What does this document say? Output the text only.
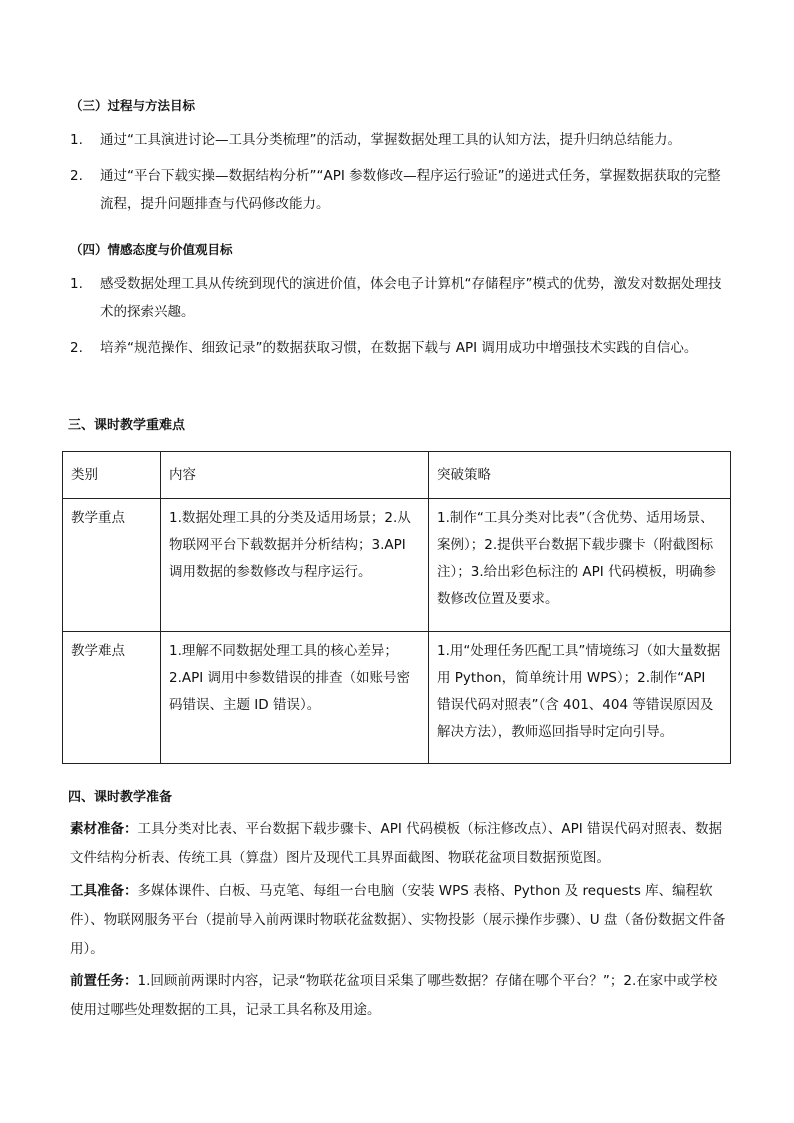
（三）过程与方法目标
1.	通过“工具演进讨论—工具分类梳理”的活动，掌握数据处理工具的认知方法，提升归纳总结能力。
2.	通过“平台下载实操—数据结构分析”“API 参数修改—程序运行验证”的递进式任务，掌握数据获取的完整流程，提升问题排查与代码修改能力。
（四）情感态度与价值观目标
1.	感受数据处理工具从传统到现代的演进价值，体会电子计算机“存储程序”模式的优势，激发对数据处理技术的探索兴趣。
2.	培养“规范操作、细致记录”的数据获取习惯，在数据下载与 API 调用成功中增强技术实践的自信心。
三、课时教学重难点
类别	内容	突破策略

教学重点	1.数据处理工具的分类及适用场景；2.从物联网平台下载数据并分析结构；3.API 调用数据的参数修改与程序运行。	1.制作“工具分类对比表”（含优势、适用场景、案例）；2.提供平台数据下载步骤卡（附截图标注）；3.给出彩色标注的 API 代码模板，明确参数修改位置及要求。

教学难点	1.理解不同数据处理工具的核心差异；2.API 调用中参数错误的排查（如账号密码错误、主题 ID 错误）。	1.用“处理任务匹配工具”情境练习（如大量数据用 Python，简单统计用 WPS）；2.制作“API 错误代码对照表”（含 401、404 等错误原因及解决方法），教师巡回指导时定向引导。
四、课时教学准备
素材准备：工具分类对比表、平台数据下载步骤卡、API 代码模板（标注修改点）、API 错误代码对照表、数据文件结构分析表、传统工具（算盘）图片及现代工具界面截图、物联花盆项目数据预览图。
工具准备：多媒体课件、白板、马克笔、每组一台电脑（安装 WPS 表格、Python 及 requests 库、编程软件）、物联网服务平台（提前导入前两课时物联花盆数据）、实物投影（展示操作步骤）、U 盘（备份数据文件备用）。
前置任务：1.回顾前两课时内容，记录“物联花盆项目采集了哪些数据？存储在哪个平台？”；2.在家中或学校使用过哪些处理数据的工具，记录工具名称及用途。
